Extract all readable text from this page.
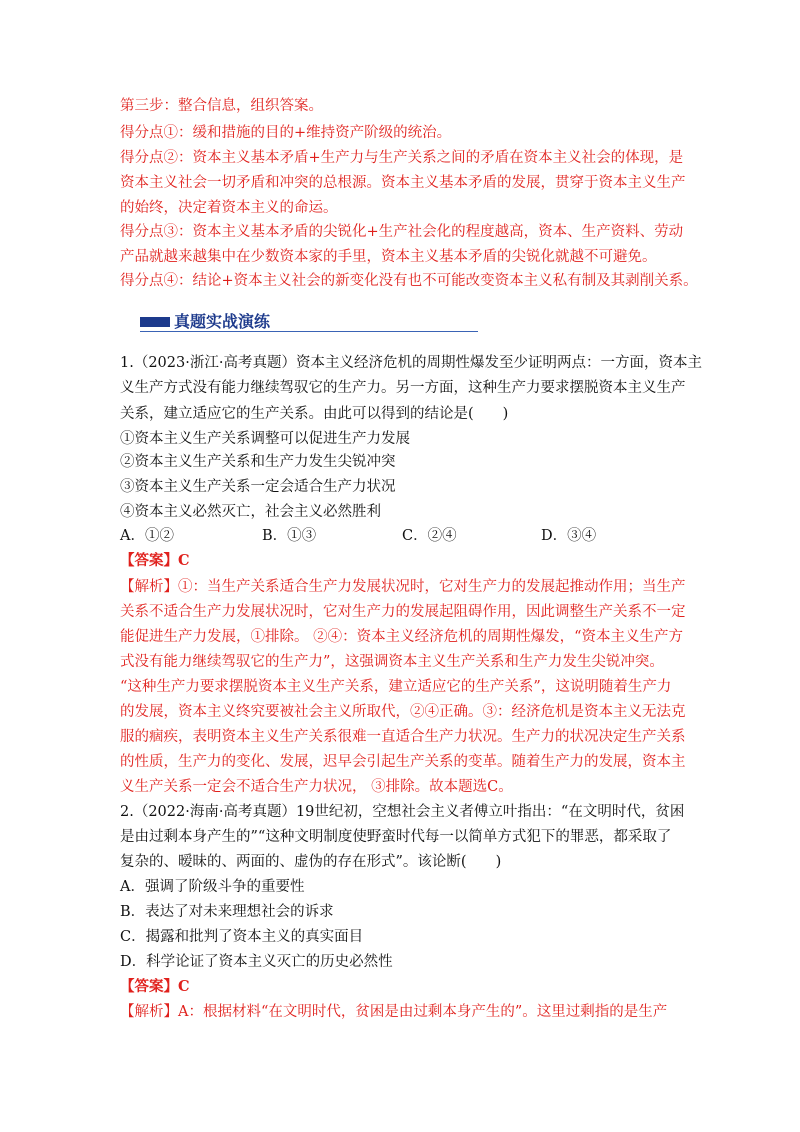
第三步：整合信息，组织答案。
得分点①：缓和措施的目的+维持资产阶级的统治。
得分点②：资本主义基本矛盾+生产力与生产关系之间的矛盾在资本主义社会的体现，是
资本主义社会一切矛盾和冲突的总根源。资本主义基本矛盾的发展，贯穿于资本主义生产
的始终，决定着资本主义的命运。
得分点③：资本主义基本矛盾的尖锐化+生产社会化的程度越高，资本、生产资料、劳动
产品就越来越集中在少数资本家的手里，资本主义基本矛盾的尖锐化就越不可避免。
得分点④：结论+资本主义社会的新变化没有也不可能改变资本主义私有制及其剥削关系。
真题实战演练
1.（2023·浙江·高考真题）资本主义经济危机的周期性爆发至少证明两点：一方面，资本主
义生产方式没有能力继续驾驭它的生产力。另一方面，这种生产力要求摆脱资本主义生产
关系，建立适应它的生产关系。由此可以得到的结论是(　　)
①资本主义生产关系调整可以促进生产力发展
②资本主义生产关系和生产力发生尖锐冲突
③资本主义生产关系一定会适合生产力状况
④资本主义必然灭亡，社会主义必然胜利
A．①②	B．①③	C．②④	D．③④
【答案】C
【解析】①：当生产关系适合生产力发展状况时，它对生产力的发展起推动作用；当生产
关系不适合生产力发展状况时，它对生产力的发展起阻碍作用，因此调整生产关系不一定
能促进生产力发展，①排除。 ②④：资本主义经济危机的周期性爆发，“资本主义生产方
式没有能力继续驾驭它的生产力”，这强调资本主义生产关系和生产力发生尖锐冲突。
“这种生产力要求摆脱资本主义生产关系，建立适应它的生产关系”，这说明随着生产力
的发展，资本主义终究要被社会主义所取代，②④正确。③：经济危机是资本主义无法克
服的痼疾，表明资本主义生产关系很难一直适合生产力状况。生产力的状况决定生产关系
的性质，生产力的变化、发展，迟早会引起生产关系的变革。随着生产力的发展，资本主
义生产关系一定会不适合生产力状况， ③排除。故本题选C。
2.（2022·海南·高考真题）19世纪初，空想社会主义者傅立叶指出：“在文明时代，贫困
是由过剩本身产生的”“这种文明制度使野蛮时代每一以简单方式犯下的罪恶，都采取了
复杂的、暧昧的、两面的、虚伪的存在形式”。该论断(　　)
A．强调了阶级斗争的重要性
B．表达了对未来理想社会的诉求
C．揭露和批判了资本主义的真实面目
D．科学论证了资本主义灭亡的历史必然性
【答案】C
【解析】A：根据材料“在文明时代，贫困是由过剩本身产生的”。这里过剩指的是生产
